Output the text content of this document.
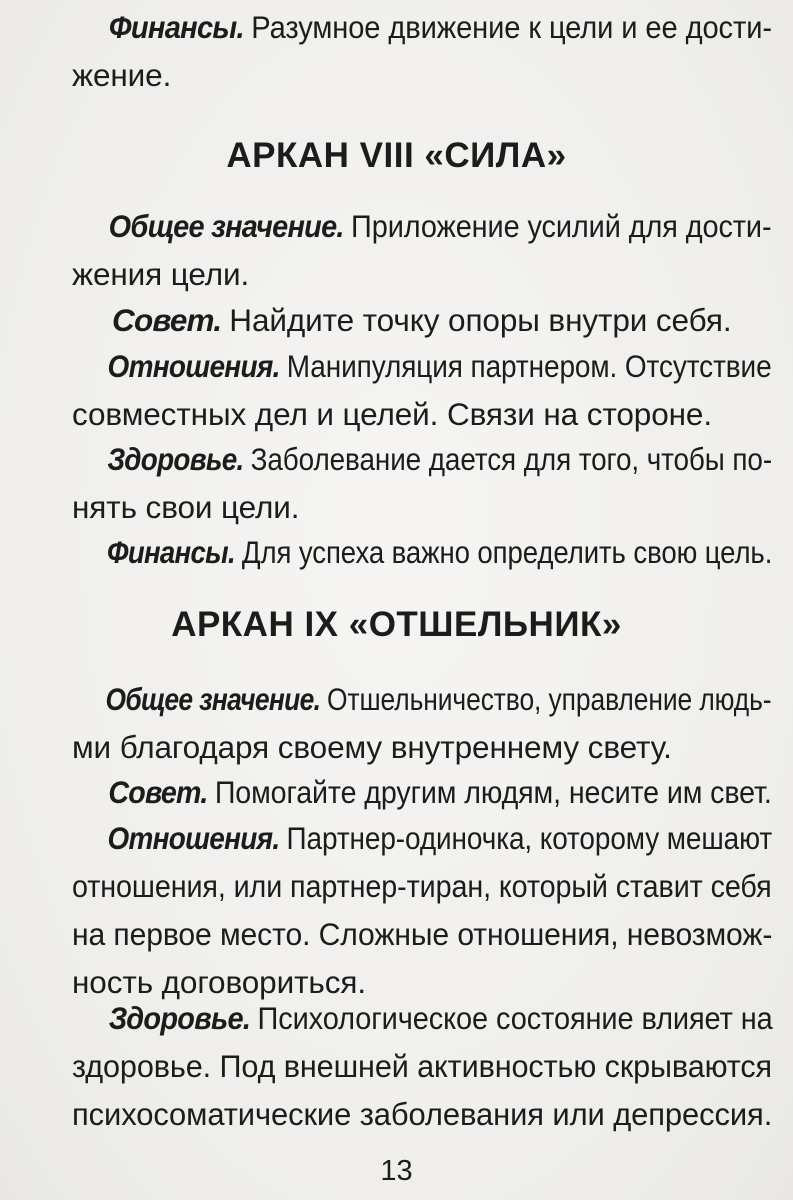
Финансы. Разумное движение к цели и ее дости-
жение.

АРКАН VIII «СИЛА»

Общее значение. Приложение усилий для дости-
жения цели.

Совет. Найдите точку опоры внутри себя.

Отношения. Манипуляция партнером. Отсутствие
совместных дел и целей. Связи на стороне.

Здоровье. Заболевание дается для того, чтобы по-
нять свои цели.

Финансы. Для успеха важно определить свою цель.

АРКАН IX «ОТШЕЛЬНИК»

Общее значение. Отшельничество, управление людь-
ми благодаря своему внутреннему свету.

Совет. Помогайте другим людям, несите им свет.

Отношения. Партнер-одиночка, которому мешают
отношения, или партнер-тиран, который ставит себя
на первое место. Сложные отношения, невозмож-
ность договориться.

Здоровье. Психологическое состояние влияет на
здоровье. Под внешней активностью скрываются
психосоматические заболевания или депрессия.

13
